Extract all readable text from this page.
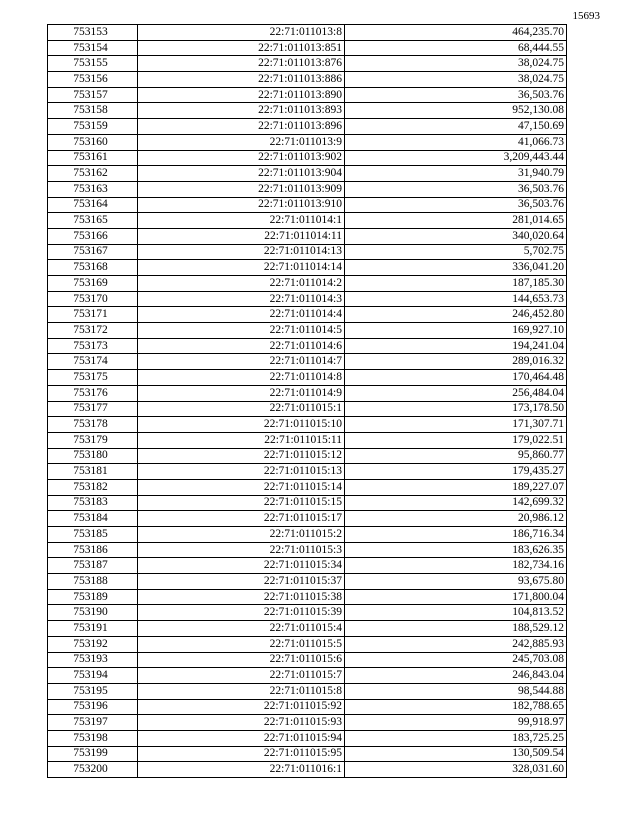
15693
753153	22:71:011013:8	464,235.70
753154	22:71:011013:851	68,444.55
753155	22:71:011013:876	38,024.75
753156	22:71:011013:886	38,024.75
753157	22:71:011013:890	36,503.76
753158	22:71:011013:893	952,130.08
753159	22:71:011013:896	47,150.69
753160	22:71:011013:9	41,066.73
753161	22:71:011013:902	3,209,443.44
753162	22:71:011013:904	31,940.79
753163	22:71:011013:909	36,503.76
753164	22:71:011013:910	36,503.76
753165	22:71:011014:1	281,014.65
753166	22:71:011014:11	340,020.64
753167	22:71:011014:13	5,702.75
753168	22:71:011014:14	336,041.20
753169	22:71:011014:2	187,185.30
753170	22:71:011014:3	144,653.73
753171	22:71:011014:4	246,452.80
753172	22:71:011014:5	169,927.10
753173	22:71:011014:6	194,241.04
753174	22:71:011014:7	289,016.32
753175	22:71:011014:8	170,464.48
753176	22:71:011014:9	256,484.04
753177	22:71:011015:1	173,178.50
753178	22:71:011015:10	171,307.71
753179	22:71:011015:11	179,022.51
753180	22:71:011015:12	95,860.77
753181	22:71:011015:13	179,435.27
753182	22:71:011015:14	189,227.07
753183	22:71:011015:15	142,699.32
753184	22:71:011015:17	20,986.12
753185	22:71:011015:2	186,716.34
753186	22:71:011015:3	183,626.35
753187	22:71:011015:34	182,734.16
753188	22:71:011015:37	93,675.80
753189	22:71:011015:38	171,800.04
753190	22:71:011015:39	104,813.52
753191	22:71:011015:4	188,529.12
753192	22:71:011015:5	242,885.93
753193	22:71:011015:6	245,703.08
753194	22:71:011015:7	246,843.04
753195	22:71:011015:8	98,544.88
753196	22:71:011015:92	182,788.65
753197	22:71:011015:93	99,918.97
753198	22:71:011015:94	183,725.25
753199	22:71:011015:95	130,509.54
753200	22:71:011016:1	328,031.60
